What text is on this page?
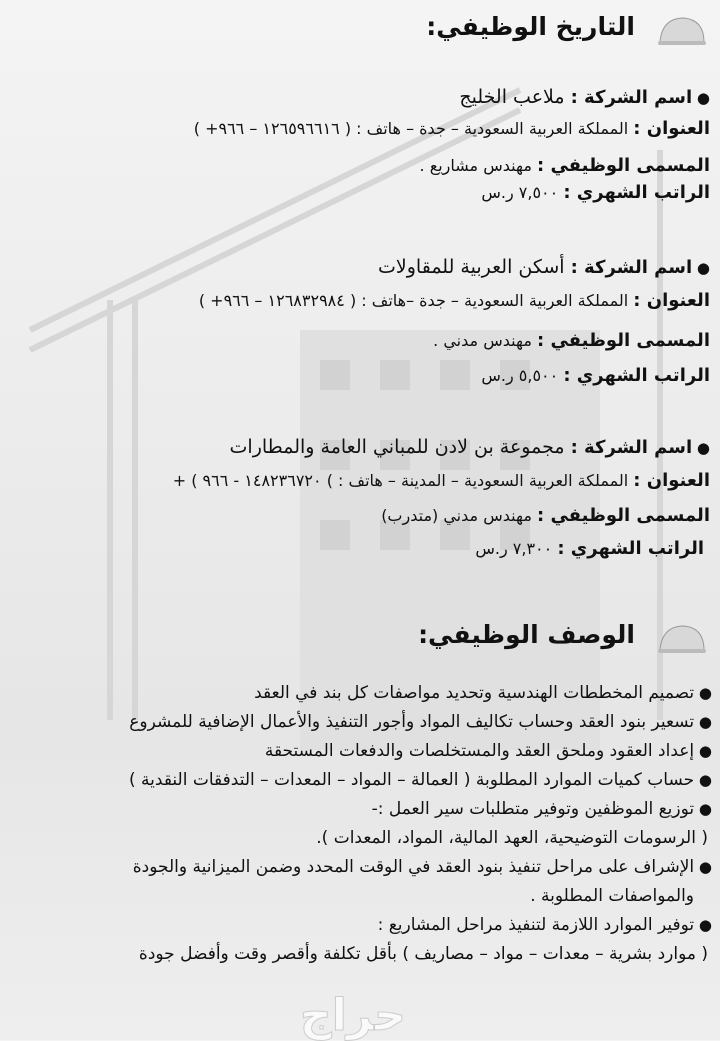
التاريخ الوظيفي:
● اسم الشركة : ملاعب الخليج
العنوان : المملكة العربية السعودية – جدة – هاتف : ( ١٢٦٥٩٦٦١٦ – ٩٦٦+ )
المسمى الوظيفي : مهندس مشاريع .
الراتب الشهري : ٧,٥٠٠ ر.س
● اسم الشركة : أسكن العربية للمقاولات
العنوان : المملكة العربية السعودية – جدة –هاتف : ( ١٢٦٨٣٢٩٨٤ – ٩٦٦+ )
المسمى الوظيفي : مهندس مدني .
الراتب الشهري : ٥,٥٠٠ ر.س
● اسم الشركة : مجموعة بن لادن للمباني العامة والمطارات
العنوان : المملكة العربية السعودية – المدينة – هاتف : ) ١٤٨٢٣٦٧٢٠ - ٩٦٦ ) +
المسمى الوظيفي : مهندس مدني (متدرب)
الراتب الشهري : ٧,٣٠٠ ر.س
الوصف الوظيفي:
● تصميم المخططات الهندسية وتحديد مواصفات كل بند في العقد
● تسعير بنود العقد وحساب تكاليف المواد وأجور التنفيذ والأعمال الإضافية للمشروع
● إعداد العقود وملحق العقد والمستخلصات والدفعات المستحقة
● حساب كميات الموارد المطلوبة ( العمالة – المواد – المعدات – التدفقات النقدية )
● توزيع الموظفين وتوفير متطلبات سير العمل :-
( الرسومات التوضيحية، العهد المالية، المواد، المعدات ).
● الإشراف على مراحل تنفيذ بنود العقد في الوقت المحدد وضمن الميزانية والجودة
والمواصفات المطلوبة .
● توفير الموارد اللازمة لتنفيذ مراحل المشاريع :
( موارد بشرية – معدات – مواد – مصاريف ) بأقل تكلفة وأقصر وقت وأفضل جودة
حراج
